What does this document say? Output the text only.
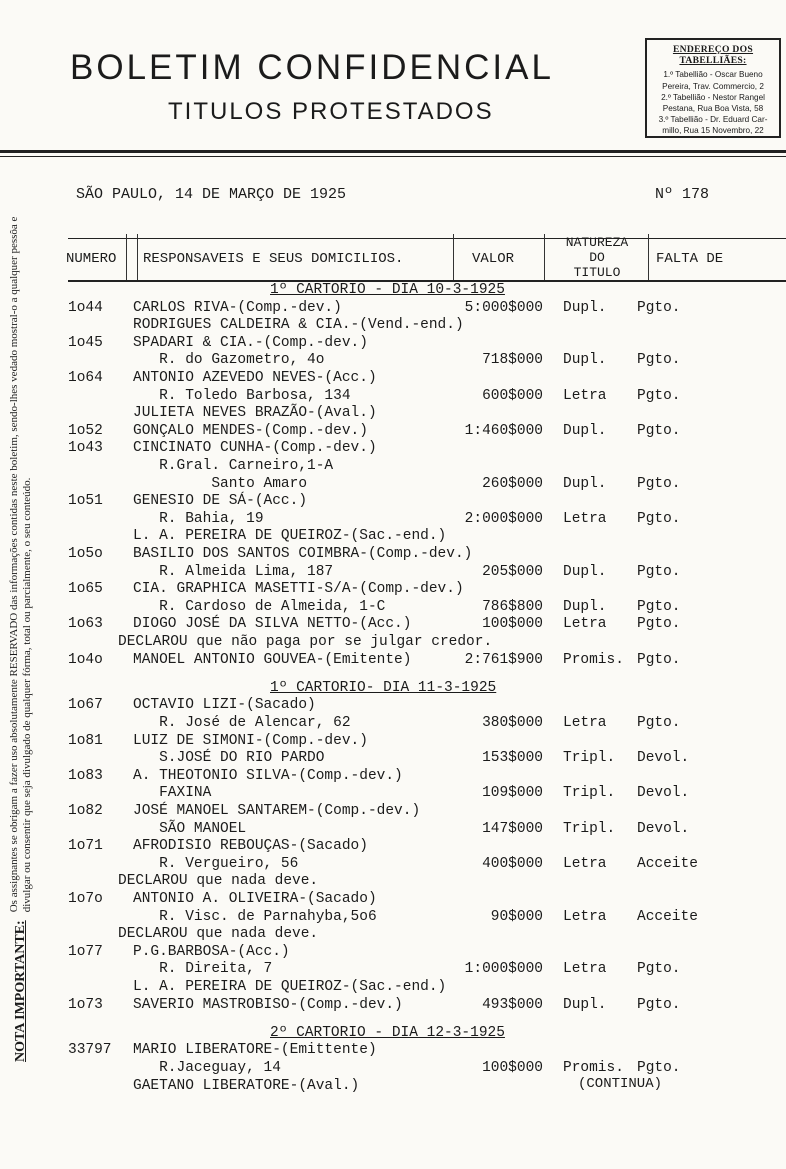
BOLETIM CONFIDENCIAL
TITULOS PROTESTADOS
ENDEREÇO DOS TABELLIÃES:
1.º Tabellião - Oscar Bueno
Pereira, Trav. Commercio, 2
2.º Tabellião - Nestor Rangel
Pestana, Rua Boa Vista, 58
3.º Tabellião - Dr. Eduard Car-
millo, Rua 15 Novembro, 22
SÃO PAULO, 14 DE MARÇO DE 1925	Nº 178
NOTA IMPORTANTE:
Os assignantes se obrigam a fazer uso absolutamente RESERVADO das informações contidas neste boletim, sendo-lhes vedado mostral-o a qualquer pessôa e divulgar ou consentir que seja divulgado de qualquer fórma, total ou parcialmente, o seu conteúdo.
NUMERO RESPONSAVEIS E SEUS DOMICILIOS.	VALOR
NATUREZA
DO
TITULO
FALTA DE
1º CARTORIO - DIA 10-3-1925
1o44 CARLOS RIVA-(Comp.-dev.)	5:000$000 Dupl. Pgto.
RODRIGUES CALDEIRA & CIA.-(Vend.-end.)
1o45 SPADARI & CIA.-(Comp.-dev.)
R. do Gazometro, 4o	718$000 Dupl. Pgto.
1o64 ANTONIO AZEVEDO NEVES-(Acc.)
R. Toledo Barbosa, 134	600$000 Letra Pgto.
JULIETA NEVES BRAZÃO-(Aval.)
1o52 GONÇALO MENDES-(Comp.-dev.)	1:460$000 Dupl. Pgto.
1o43 CINCINATO CUNHA-(Comp.-dev.)
R.Gral. Carneiro,1-A
Santo Amaro	260$000 Dupl. Pgto.
1o51 GENESIO DE SÁ-(Acc.)
R. Bahia, 19	2:000$000 Letra Pgto.
L. A. PEREIRA DE QUEIROZ-(Sac.-end.)
1o5o BASILIO DOS SANTOS COIMBRA-(Comp.-dev.)
R. Almeida Lima, 187	205$000 Dupl. Pgto.
1o65 CIA. GRAPHICA MASETTI-S/A-(Comp.-dev.)
R. Cardoso de Almeida, 1-C	786$800 Dupl. Pgto.
1o63 DIOGO JOSÉ DA SILVA NETTO-(Acc.)	100$000 Letra Pgto.
DECLAROU que não paga por se julgar credor.
1o4o MANOEL ANTONIO GOUVEA-(Emitente)	2:761$900 Promis. Pgto.
1º CARTORIO- DIA 11-3-1925
1o67 OCTAVIO LIZI-(Sacado)
R. José de Alencar, 62	380$000 Letra Pgto.
1o81 LUIZ DE SIMONI-(Comp.-dev.)
S.JOSÉ DO RIO PARDO	153$000 Tripl. Devol.
1o83 A. THEOTONIO SILVA-(Comp.-dev.)
FAXINA	109$000 Tripl. Devol.
1o82 JOSÉ MANOEL SANTAREM-(Comp.-dev.)
SÃO MANOEL	147$000 Tripl. Devol.
1o71 AFRODISIO REBOUÇAS-(Sacado)
R. Vergueiro, 56	400$000 Letra Acceite
DECLAROU que nada deve.
1o7o ANTONIO A. OLIVEIRA-(Sacado)
R. Visc. de Parnahyba,5o6	90$000 Letra Acceite
DECLAROU que nada deve.
1o77 P.G.BARBOSA-(Acc.)
R. Direita, 7	1:000$000 Letra Pgto.
L. A. PEREIRA DE QUEIROZ-(Sac.-end.)
1o73 SAVERIO MASTROBISO-(Comp.-dev.)	493$000 Dupl. Pgto.
2º CARTORIO - DIA 12-3-1925
33797 MARIO LIBERATORE-(Emittente)
R.Jaceguay, 14	100$000 Promis. Pgto.
GAETANO LIBERATORE-(Aval.)	(CONTINUA)
